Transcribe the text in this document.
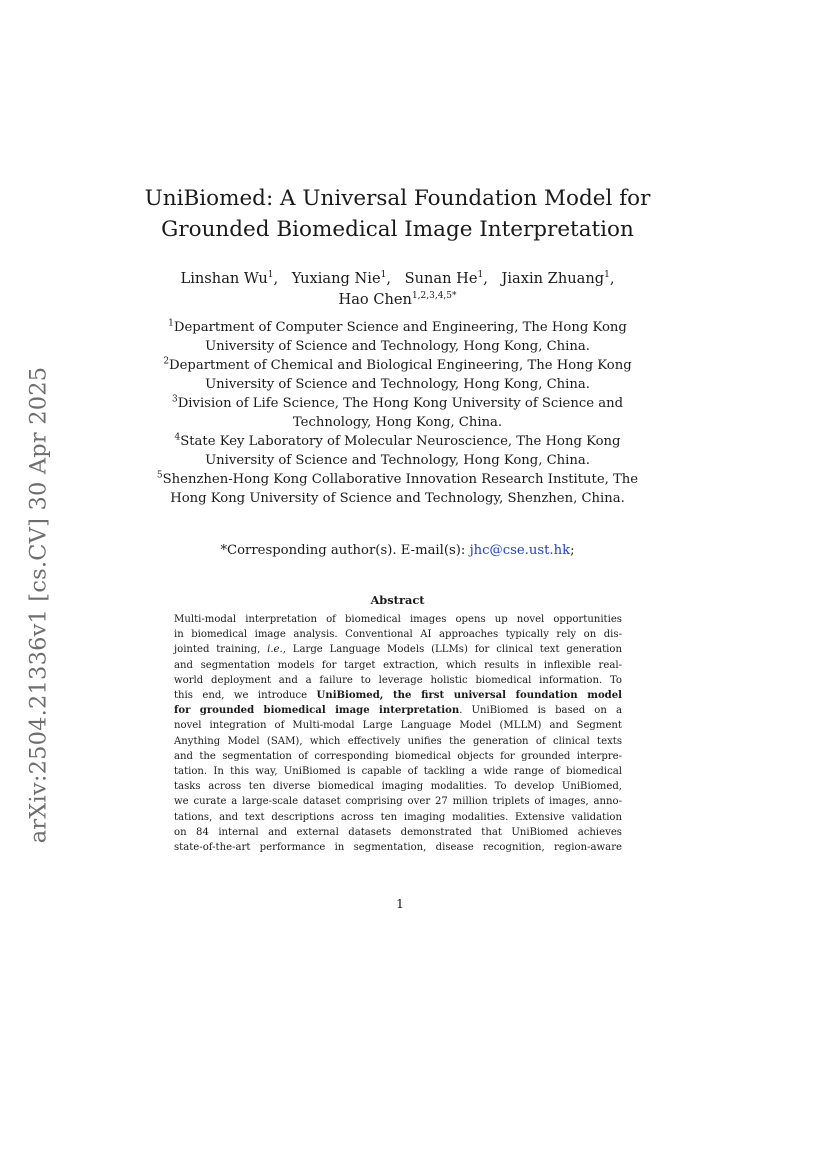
arXiv:2504.21336v1 [cs.CV] 30 Apr 2025
UniBiomed: A Universal Foundation Model for
Grounded Biomedical Image Interpretation
Linshan Wu$^1$, Yuxiang Nie$^1$, Sunan He$^1$, Jiaxin Zhuang$^1$,
Hao Chen$^{1,2,3,4,5*}$
$^1$Department of Computer Science and Engineering, The Hong Kong
University of Science and Technology, Hong Kong, China.
$^2$Department of Chemical and Biological Engineering, The Hong Kong
University of Science and Technology, Hong Kong, China.
$^3$Division of Life Science, The Hong Kong University of Science and
Technology, Hong Kong, China.
$^4$State Key Laboratory of Molecular Neuroscience, The Hong Kong
University of Science and Technology, Hong Kong, China.
$^5$Shenzhen-Hong Kong Collaborative Innovation Research Institute, The
Hong Kong University of Science and Technology, Shenzhen, China.
*Corresponding author(s). E-mail(s): jhc@cse.ust.hk;
Abstract
Multi-modal interpretation of biomedical images opens up novel opportunities
in biomedical image analysis. Conventional AI approaches typically rely on dis-
jointed training, i.e., Large Language Models (LLMs) for clinical text generation
and segmentation models for target extraction, which results in inflexible real-
world deployment and a failure to leverage holistic biomedical information. To
this end, we introduce UniBiomed, the first universal foundation model
for grounded biomedical image interpretation. UniBiomed is based on a
novel integration of Multi-modal Large Language Model (MLLM) and Segment
Anything Model (SAM), which effectively unifies the generation of clinical texts
and the segmentation of corresponding biomedical objects for grounded interpre-
tation. In this way, UniBiomed is capable of tackling a wide range of biomedical
tasks across ten diverse biomedical imaging modalities. To develop UniBiomed,
we curate a large-scale dataset comprising over 27 million triplets of images, anno-
tations, and text descriptions across ten imaging modalities. Extensive validation
on 84 internal and external datasets demonstrated that UniBiomed achieves
state-of-the-art performance in segmentation, disease recognition, region-aware
1
